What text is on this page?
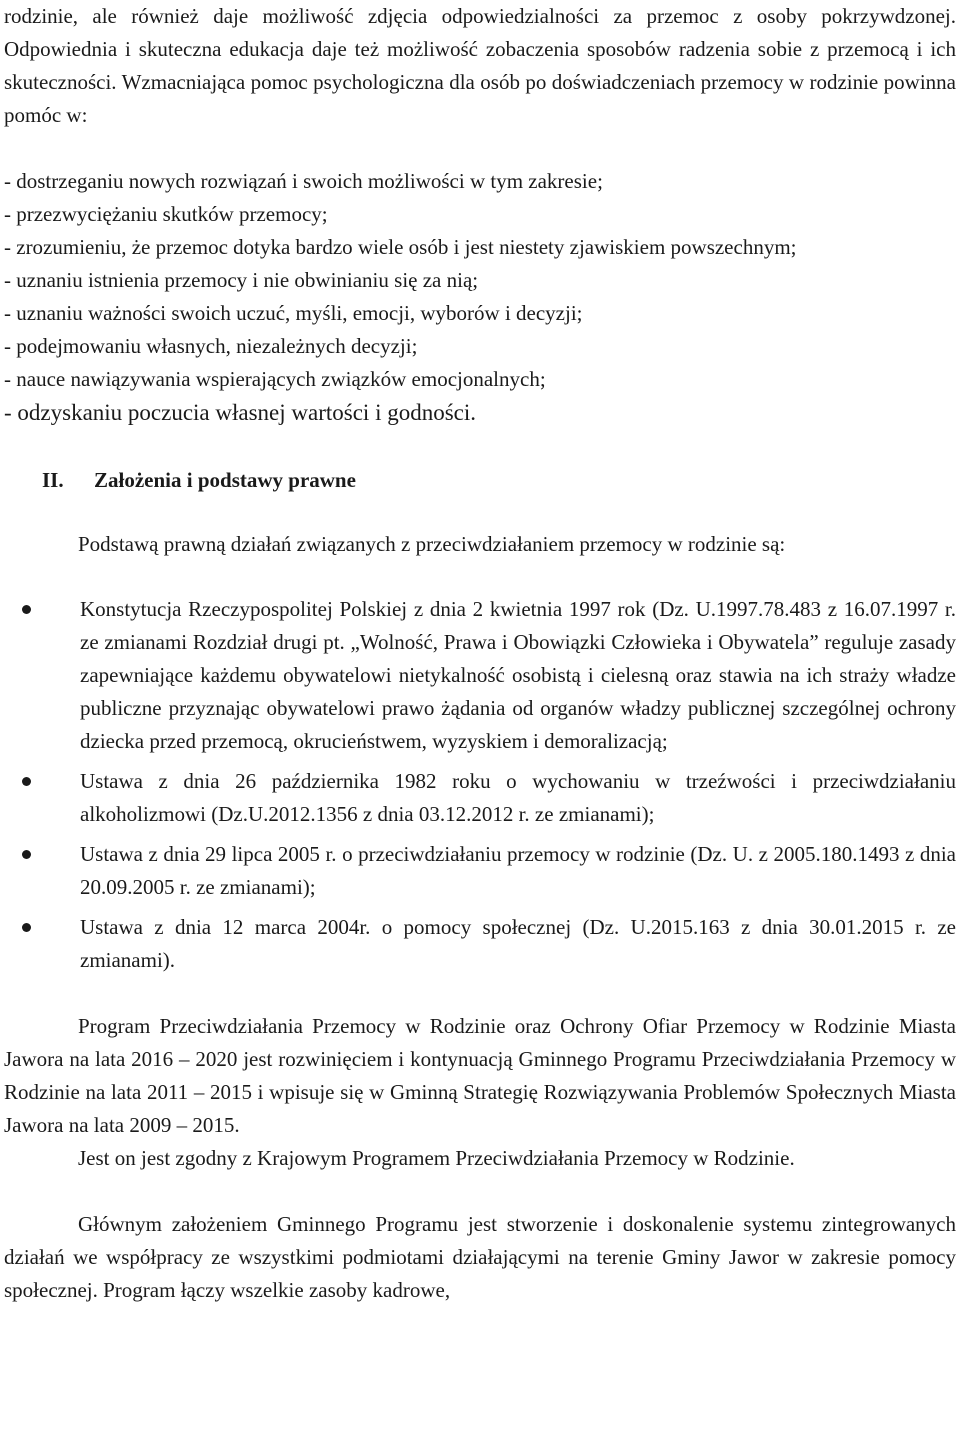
rodzinie, ale również daje możliwość zdjęcia odpowiedzialności za przemoc z osoby pokrzywdzonej. Odpowiednia i skuteczna edukacja daje też możliwość zobaczenia sposobów radzenia sobie z przemocą i ich skuteczności. Wzmacniająca pomoc psychologiczna dla osób po doświadczeniach przemocy w rodzinie powinna pomóc w:

- dostrzeganiu nowych rozwiązań i swoich możliwości w tym zakresie;
- przezwyciężaniu skutków przemocy;
- zrozumieniu, że przemoc dotyka bardzo wiele osób i jest niestety zjawiskiem powszechnym;
- uznaniu istnienia przemocy i nie obwinianiu się za nią;
- uznaniu ważności swoich uczuć, myśli, emocji, wyborów i decyzji;
- podejmowaniu własnych, niezależnych decyzji;
- nauce nawiązywania wspierających związków emocjonalnych;
- odzyskaniu poczucia własnej wartości i godności.
II.	Założenia i podstawy prawne

Podstawą prawną działań związanych z przeciwdziałaniem przemocy w rodzinie są:

Konstytucja Rzeczypospolitej Polskiej z dnia 2 kwietnia 1997 rok (Dz. U.1997.78.483 z 16.07.1997 r. ze zmianami Rozdział drugi pt. „Wolność, Prawa i Obowiązki Człowieka i Obywatela” reguluje zasady zapewniające każdemu obywatelowi nietykalność osobistą i cielesną oraz stawia na ich straży władze publiczne przyznając obywatelowi prawo żądania od organów władzy publicznej szczególnej ochrony dziecka przed przemocą, okrucieństwem, wyzyskiem i demoralizacją;
Ustawa z dnia 26 października 1982 roku o wychowaniu w trzeźwości i przeciwdziałaniu alkoholizmowi (Dz.U.2012.1356 z dnia 03.12.2012 r. ze zmianami);
Ustawa z dnia 29 lipca 2005 r. o przeciwdziałaniu przemocy w rodzinie (Dz. U. z 2005.180.1493 z dnia 20.09.2005 r. ze zmianami);
Ustawa z dnia 12 marca 2004r. o pomocy społecznej (Dz. U.2015.163 z dnia 30.01.2015 r. ze zmianami).

Program Przeciwdziałania Przemocy w Rodzinie oraz Ochrony Ofiar Przemocy w Rodzinie Miasta Jawora na lata 2016 – 2020 jest rozwinięciem i kontynuacją Gminnego Programu Przeciwdziałania Przemocy w Rodzinie na lata 2011 – 2015 i wpisuje się w Gminną Strategię Rozwiązywania Problemów Społecznych Miasta Jawora na lata 2009 – 2015.

Jest on jest zgodny z Krajowym Programem Przeciwdziałania Przemocy w Rodzinie.

Głównym założeniem Gminnego Programu jest stworzenie i doskonalenie systemu zintegrowanych działań we współpracy ze wszystkimi podmiotami działającymi na terenie Gminy Jawor w zakresie pomocy społecznej. Program łączy wszelkie zasoby kadrowe,
